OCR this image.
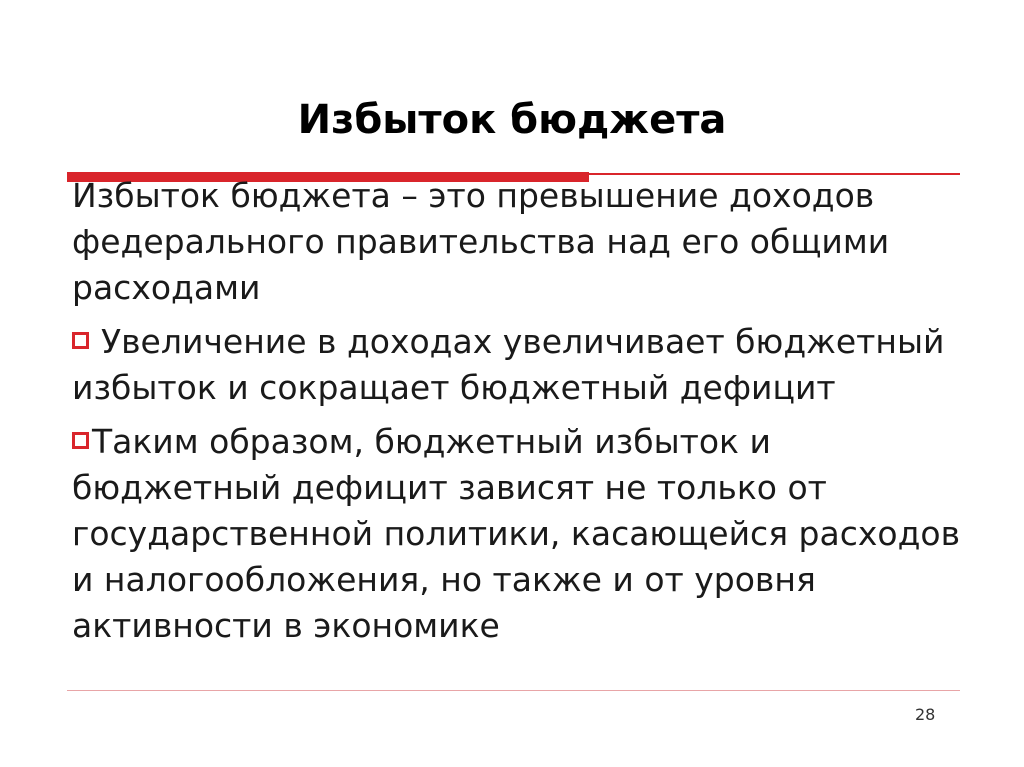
Избыток бюджета
Избыток бюджета – это превышение доходов федерального правительства над его общими расходами
Увеличение в доходах увеличивает бюджетный избыток и сокращает бюджетный дефицит
Таким образом, бюджетный избыток и бюджетный дефицит зависят не только от государственной политики, касающейся расходов и налогообложения, но также и от уровня активности в экономике
28
